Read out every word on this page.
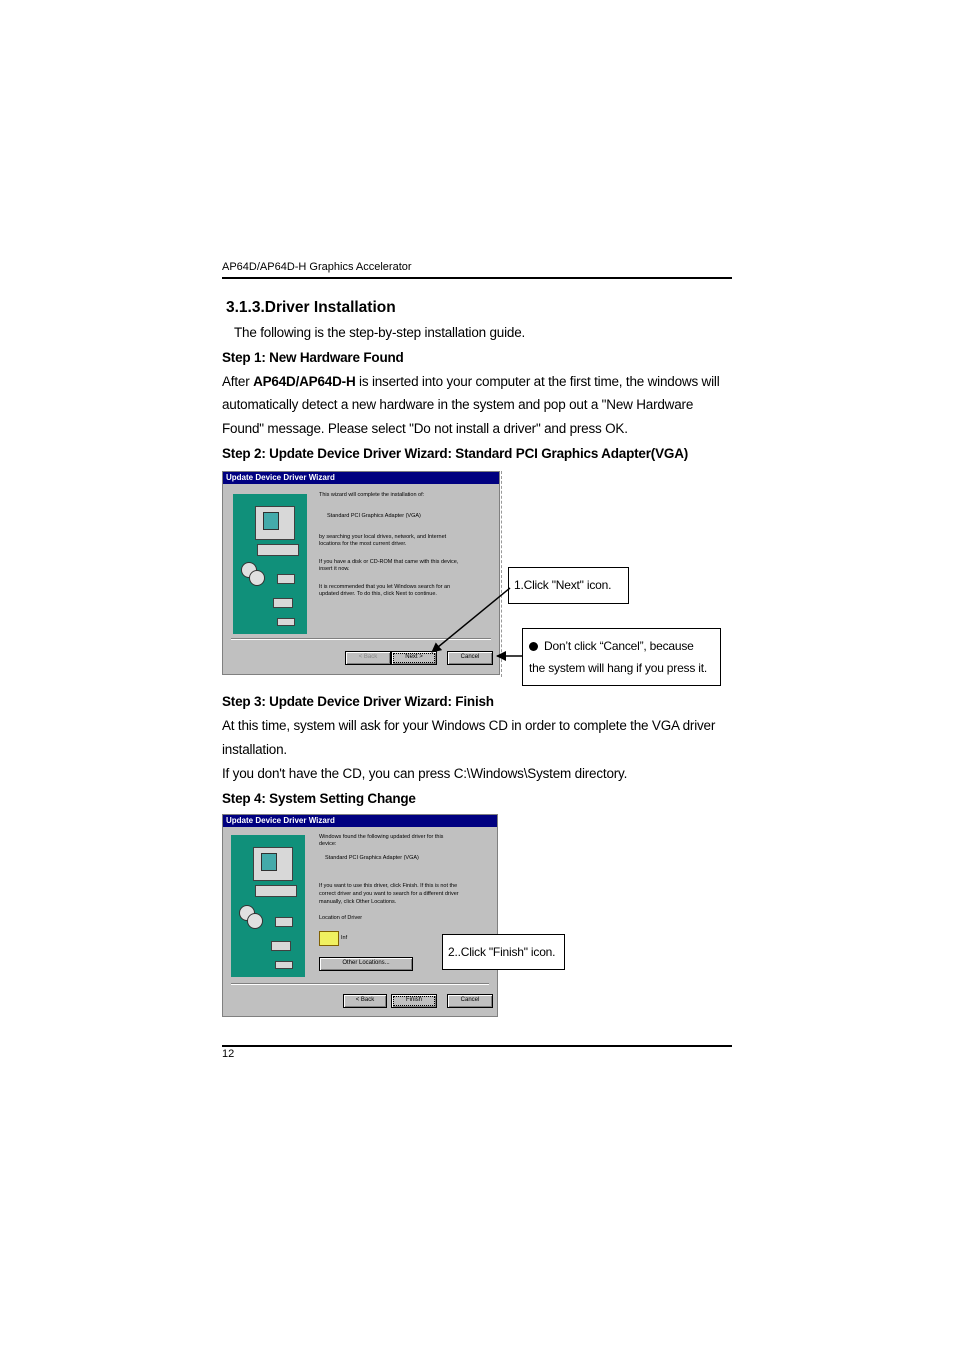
AP64D/AP64D-H Graphics Accelerator
3.1.3.Driver Installation
The following is the step-by-step installation guide.
Step 1: New Hardware Found
After AP64D/AP64D-H is inserted into your computer at the first time, the windows will
automatically detect a new hardware in the system and pop out a "New Hardware
Found" message. Please select "Do not install a driver" and press OK.
Step 2: Update Device Driver Wizard: Standard PCI Graphics Adapter(VGA)
Update Device Driver Wizard
This wizard will complete the installation of:
Standard PCI Graphics Adapter (VGA)
by searching your local drives, network, and Internet
locations for the most current driver.
If you have a disk or CD-ROM that came with this device,
insert it now.
It is recommended that you let Windows search for an
updated driver. To do this, click Next to continue.
< Back	Next >	Cancel
1.Click "Next" icon.
Don’t click “Cancel”, because
the system will hang if you press it.
Step 3: Update Device Driver Wizard: Finish
At this time, system will ask for your Windows CD in order to complete the VGA driver
installation.
If you don't have the CD, you can press C:\Windows\System directory.
Step 4: System Setting Change
Update Device Driver Wizard
Windows found the following updated driver for this
device:
Standard PCI Graphics Adapter (VGA)
If you want to use this driver, click Finish. If this is not the
correct driver and you want to search for a different driver
manually, click Other Locations.
Location of Driver
Inf
Other Locations...
< Back	Finish	Cancel
2..Click "Finish" icon.
12
